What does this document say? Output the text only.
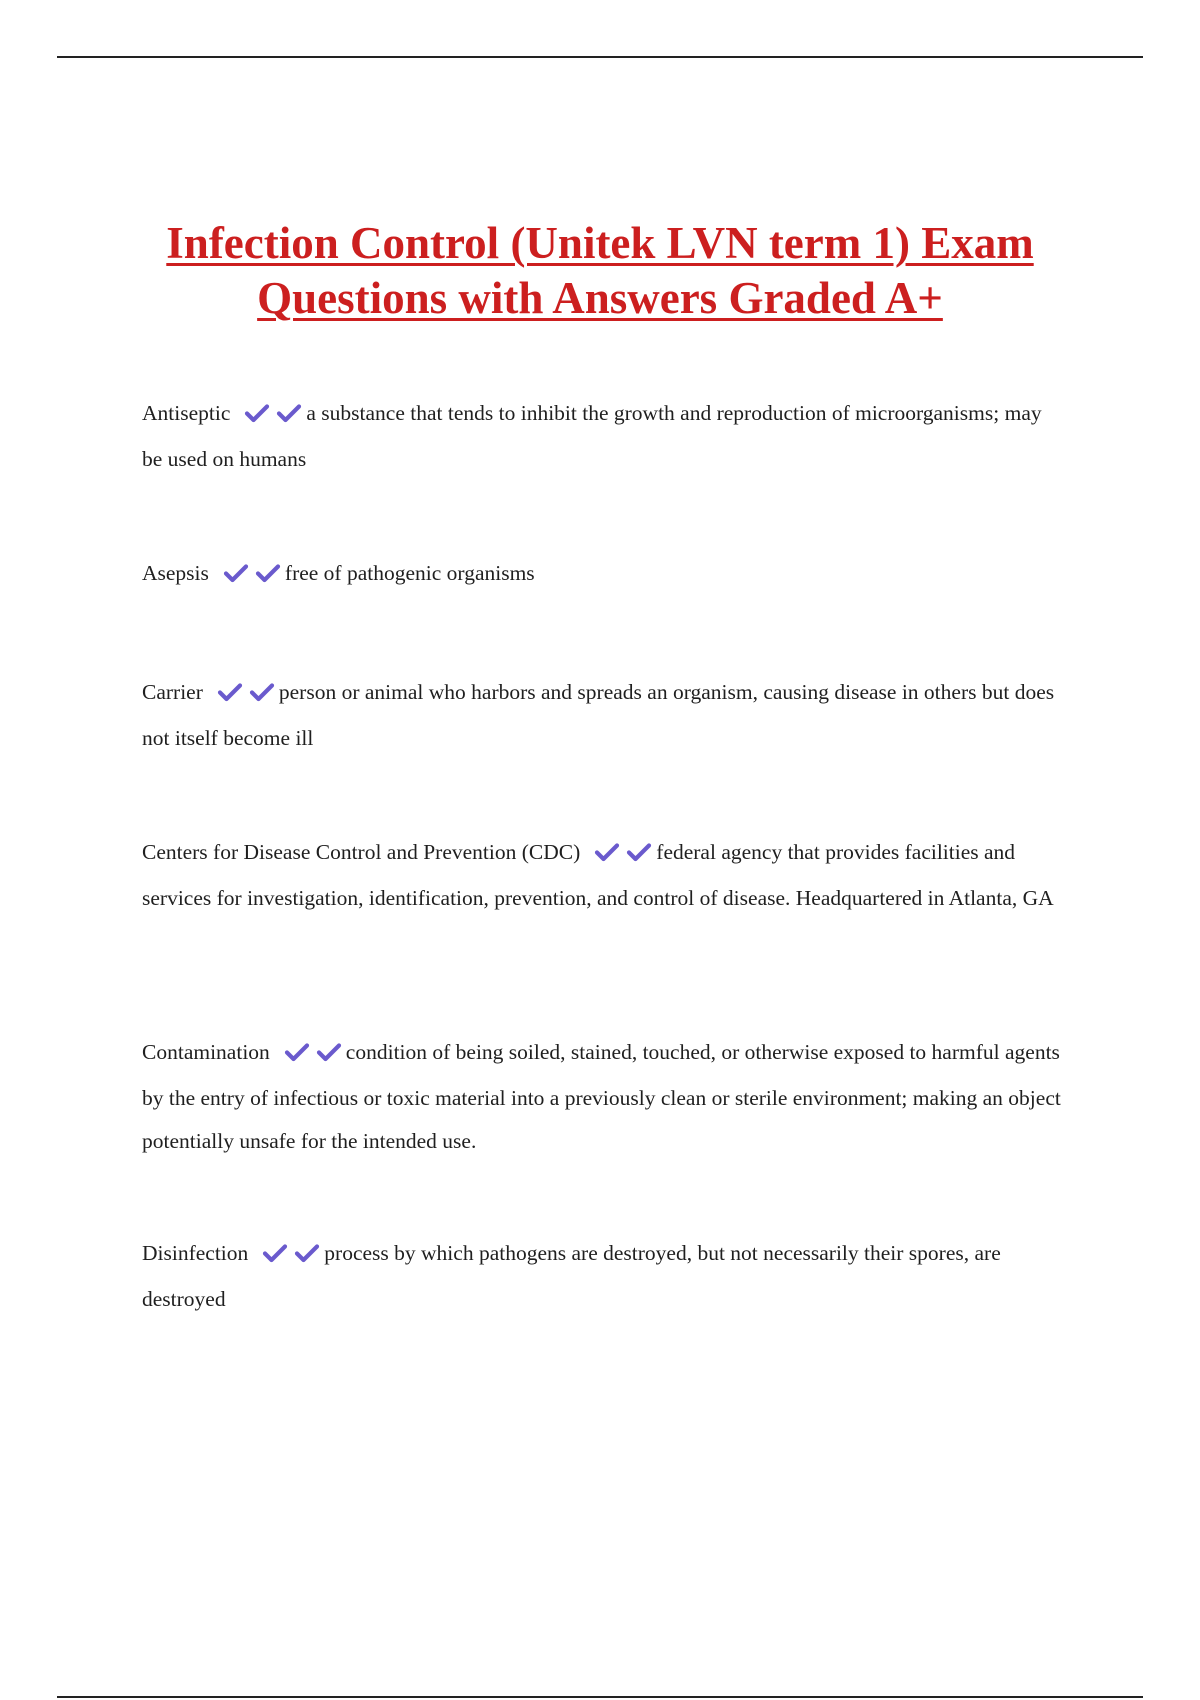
Infection Control (Unitek LVN term 1) Exam
Questions with Answers Graded A+

Antiseptic	a substance that tends to inhibit the growth and reproduction of microorganisms; may be used on humans

Asepsis	free of pathogenic organisms

Carrier	person or animal who harbors and spreads an organism, causing disease in others but does not itself become ill

Centers for Disease Control and Prevention (CDC)	federal agency that provides facilities and services for investigation, identification, prevention, and control of disease. Headquartered in Atlanta, GA

Contamination	condition of being soiled, stained, touched, or otherwise exposed to harmful agents by the entry of infectious or toxic material into a previously clean or sterile environment; making an object potentially unsafe for the intended use.

Disinfection	process by which pathogens are destroyed, but not necessarily their spores, are destroyed
